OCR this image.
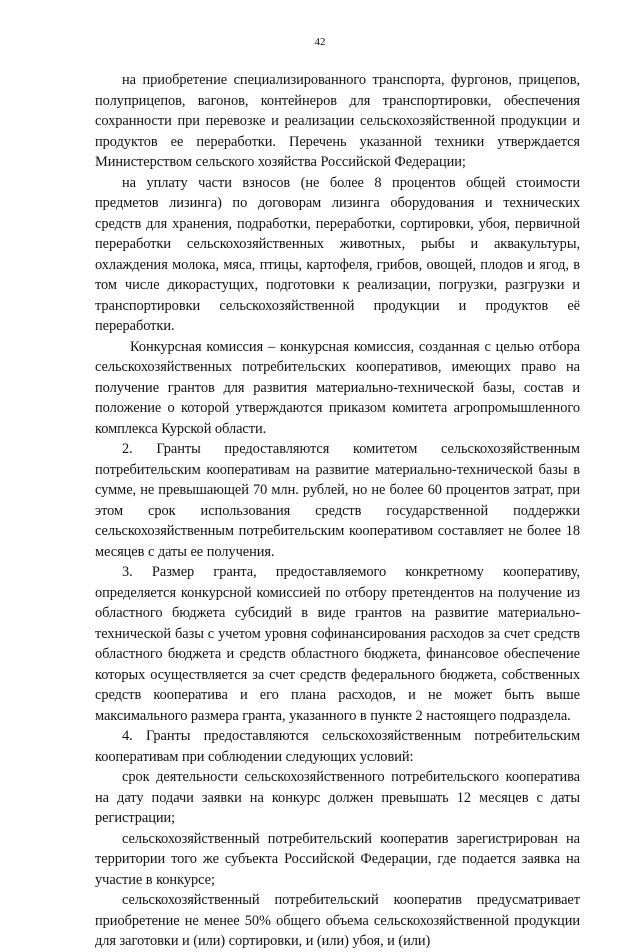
42

на приобретение специализированного транспорта, фургонов, прицепов, полуприцепов, вагонов, контейнеров для транспортировки, обеспечения сохранности при перевозке и реализации сельскохозяйственной продукции и продуктов ее переработки. Перечень указанной техники утверждается Министерством сельского хозяйства Российской Федерации;

на уплату части взносов (не более 8 процентов общей стоимости предметов лизинга) по договорам лизинга оборудования и технических средств для хранения, подработки, переработки, сортировки, убоя, первичной переработки сельскохозяйственных животных, рыбы и аквакультуры, охлаждения молока, мяса, птицы, картофеля, грибов, овощей, плодов и ягод, в том числе дикорастущих, подготовки к реализации, погрузки, разгрузки и транспортировки сельскохозяйственной продукции и продуктов её переработки.

Конкурсная комиссия – конкурсная комиссия, созданная с целью отбора сельскохозяйственных потребительских кооперативов, имеющих право на получение грантов для развития материально-технической базы, состав и положение о которой утверждаются приказом комитета агропромышленного комплекса Курской области.

2. Гранты предоставляются комитетом сельскохозяйственным потребительским кооперативам на развитие материально-технической базы в сумме, не превышающей 70 млн. рублей, но не более 60 процентов затрат, при этом срок использования средств государственной поддержки сельскохозяйственным потребительским кооперативом составляет не более 18 месяцев с даты ее получения.

3. Размер гранта, предоставляемого конкретному кооперативу, определяется конкурсной комиссией по отбору претендентов на получение из областного бюджета субсидий в виде грантов на развитие материально-технической базы с учетом уровня софинансирования расходов за счет средств областного бюджета и средств областного бюджета, финансовое обеспечение которых осуществляется за счет средств федерального бюджета, собственных средств кооператива и его плана расходов, и не может быть выше максимального размера гранта, указанного в пункте 2 настоящего подраздела.

4. Гранты предоставляются сельскохозяйственным потребительским кооперативам при соблюдении следующих условий:

срок деятельности сельскохозяйственного потребительского кооператива на дату подачи заявки на конкурс должен превышать 12 месяцев с даты регистрации;

сельскохозяйственный потребительский кооператив зарегистрирован на территории того же субъекта Российской Федерации, где подается заявка на участие в конкурсе;

сельскохозяйственный потребительский кооператив предусматривает приобретение не менее 50% общего объема сельскохозяйственной продукции для заготовки и (или) сортировки, и (или) убоя, и (или)
